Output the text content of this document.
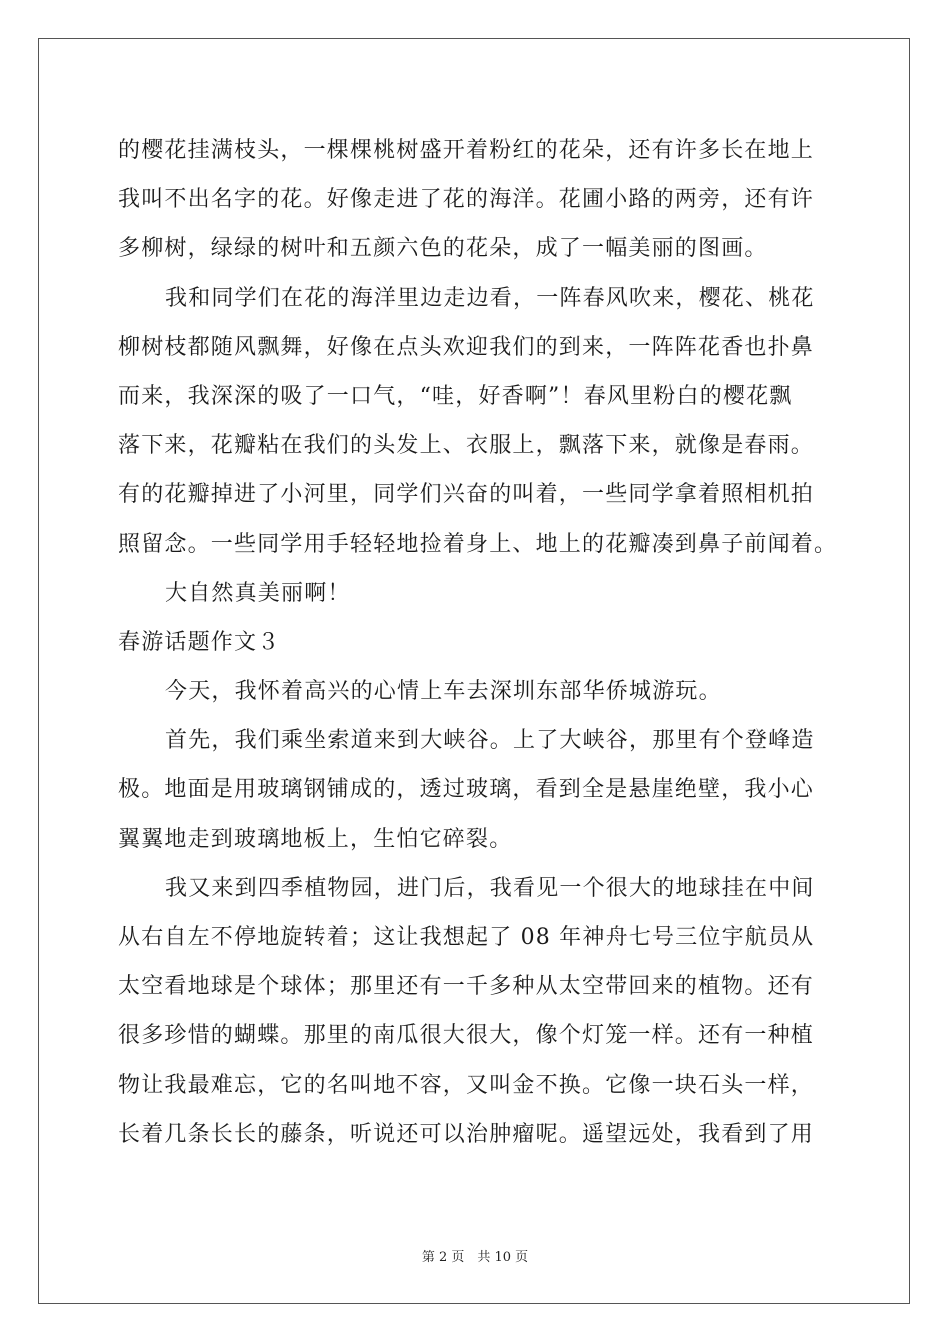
的樱花挂满枝头，一棵棵桃树盛开着粉红的花朵，还有许多长在地上
我叫不出名字的花。好像走进了花的海洋。花圃小路的两旁，还有许
多柳树，绿绿的树叶和五颜六色的花朵，成了一幅美丽的图画。
我和同学们在花的海洋里边走边看，一阵春风吹来，樱花、桃花
柳树枝都随风飘舞，好像在点头欢迎我们的到来，一阵阵花香也扑鼻
而来，我深深的吸了一口气，“哇，好香啊”！春风里粉白的樱花飘
落下来，花瓣粘在我们的头发上、衣服上，飘落下来，就像是春雨。
有的花瓣掉进了小河里，同学们兴奋的叫着，一些同学拿着照相机拍
照留念。一些同学用手轻轻地捡着身上、地上的花瓣凑到鼻子前闻着。
大自然真美丽啊！
春游话题作文３
今天，我怀着高兴的心情上车去深圳东部华侨城游玩。
首先，我们乘坐索道来到大峡谷。上了大峡谷，那里有个登峰造
极。地面是用玻璃钢铺成的，透过玻璃，看到全是悬崖绝壁，我小心
翼翼地走到玻璃地板上，生怕它碎裂。
我又来到四季植物园，进门后，我看见一个很大的地球挂在中间
从右自左不停地旋转着；这让我想起了 08 年神舟七号三位宇航员从
太空看地球是个球体；那里还有一千多种从太空带回来的植物。还有
很多珍惜的蝴蝶。那里的南瓜很大很大，像个灯笼一样。还有一种植
物让我最难忘，它的名叫地不容，又叫金不换。它像一块石头一样，
长着几条长长的藤条，听说还可以治肿瘤呢。遥望远处，我看到了用
第 2 页　共 10 页
